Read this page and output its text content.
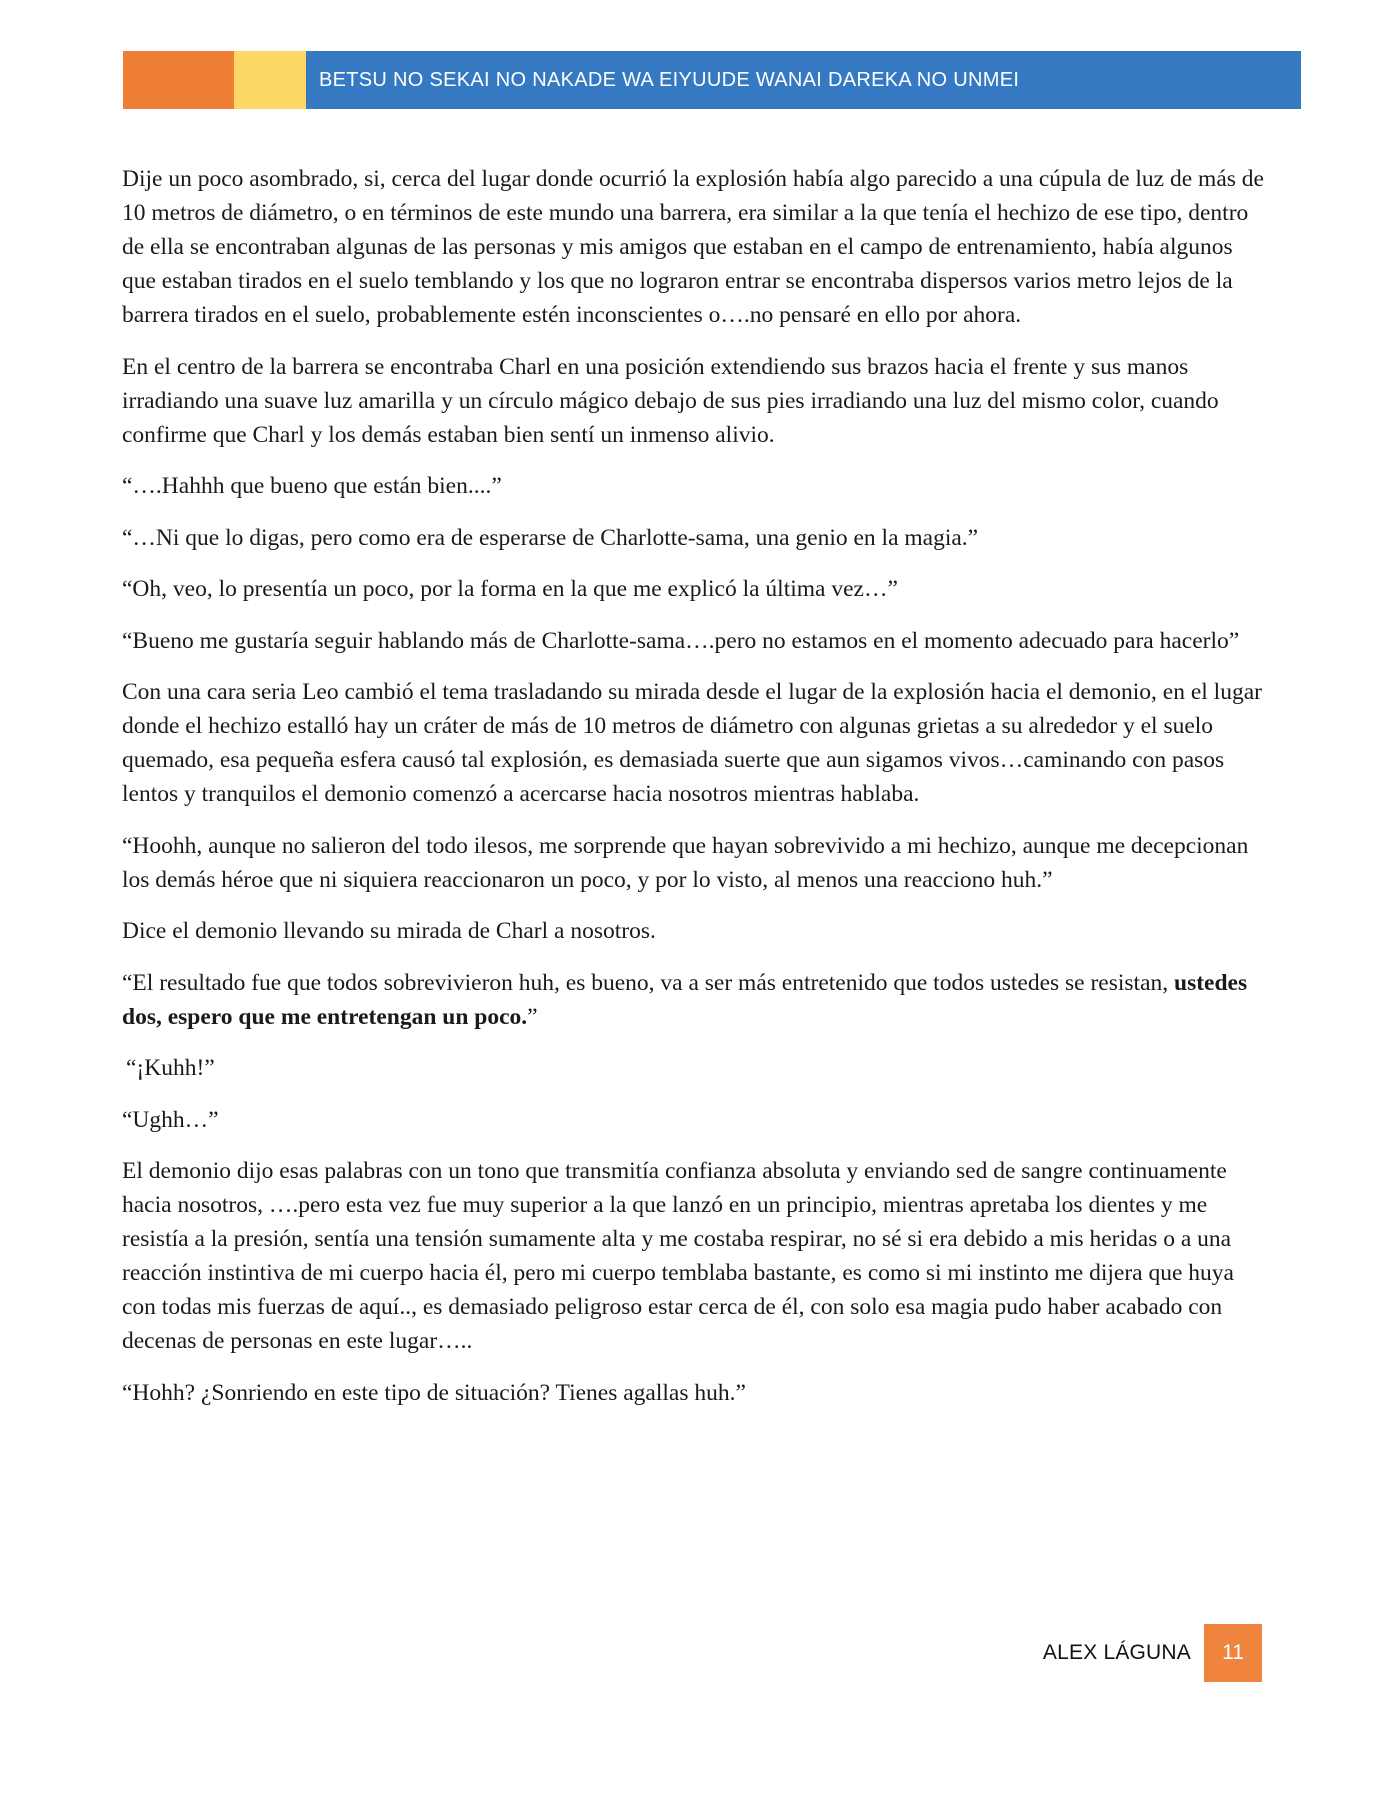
BETSU NO SEKAI NO NAKADE WA EIYUUDE WANAI DAREKA NO UNMEI

Dije un poco asombrado, si, cerca del lugar donde ocurrió la explosión había algo parecido a una cúpula de luz de más de 10 metros de diámetro, o en términos de este mundo una barrera, era similar a la que tenía el hechizo de ese tipo, dentro de ella se encontraban algunas de las personas y mis amigos que estaban en el campo de entrenamiento, había algunos que estaban tirados en el suelo temblando y los que no lograron entrar se encontraba dispersos varios metro lejos de la barrera tirados en el suelo, probablemente estén inconscientes o….no pensaré en ello por ahora.

En el centro de la barrera se encontraba Charl en una posición extendiendo sus brazos hacia el frente y sus manos irradiando una suave luz amarilla y un círculo mágico debajo de sus pies irradiando una luz del mismo color, cuando confirme que Charl y los demás estaban bien sentí un inmenso alivio.

“….Hahhh que bueno que están bien....”

“…Ni que lo digas, pero como era de esperarse de Charlotte-sama, una genio en la magia.”

“Oh, veo, lo presentía un poco, por la forma en la que me explicó la última vez…”

“Bueno me gustaría seguir hablando más de Charlotte-sama….pero no estamos en el momento adecuado para hacerlo”

Con una cara seria Leo cambió el tema trasladando su mirada desde el lugar de la explosión hacia el demonio, en el lugar donde el hechizo estalló hay un cráter de más de 10 metros de diámetro con algunas grietas a su alrededor y el suelo quemado, esa pequeña esfera causó tal explosión, es demasiada suerte que aun sigamos vivos…caminando con pasos lentos y tranquilos el demonio comenzó a acercarse hacia nosotros mientras hablaba.

“Hoohh, aunque no salieron del todo ilesos, me sorprende que hayan sobrevivido a mi hechizo, aunque me decepcionan los demás héroe que ni siquiera reaccionaron un poco, y por lo visto, al menos una reacciono huh.”

Dice el demonio llevando su mirada de Charl a nosotros.

“El resultado fue que todos sobrevivieron huh, es bueno, va a ser más entretenido que todos ustedes se resistan, ustedes dos, espero que me entretengan un poco.”

“¡Kuhh!”

“Ughh…”

El demonio dijo esas palabras con un tono que transmitía confianza absoluta y enviando sed de sangre continuamente hacia nosotros, ….pero esta vez fue muy superior a la que lanzó en un principio, mientras apretaba los dientes y me resistía a la presión, sentía una tensión sumamente alta y me costaba respirar, no sé si era debido a mis heridas o a una reacción instintiva de mi cuerpo hacia él, pero mi cuerpo temblaba bastante, es como si mi instinto me dijera que huya con todas mis fuerzas de aquí.., es demasiado peligroso estar cerca de él, con solo esa magia pudo haber acabado con decenas de personas en este lugar…..

“Hohh? ¿Sonriendo en este tipo de situación? Tienes agallas huh.”

ALEX LÁGUNA	11
